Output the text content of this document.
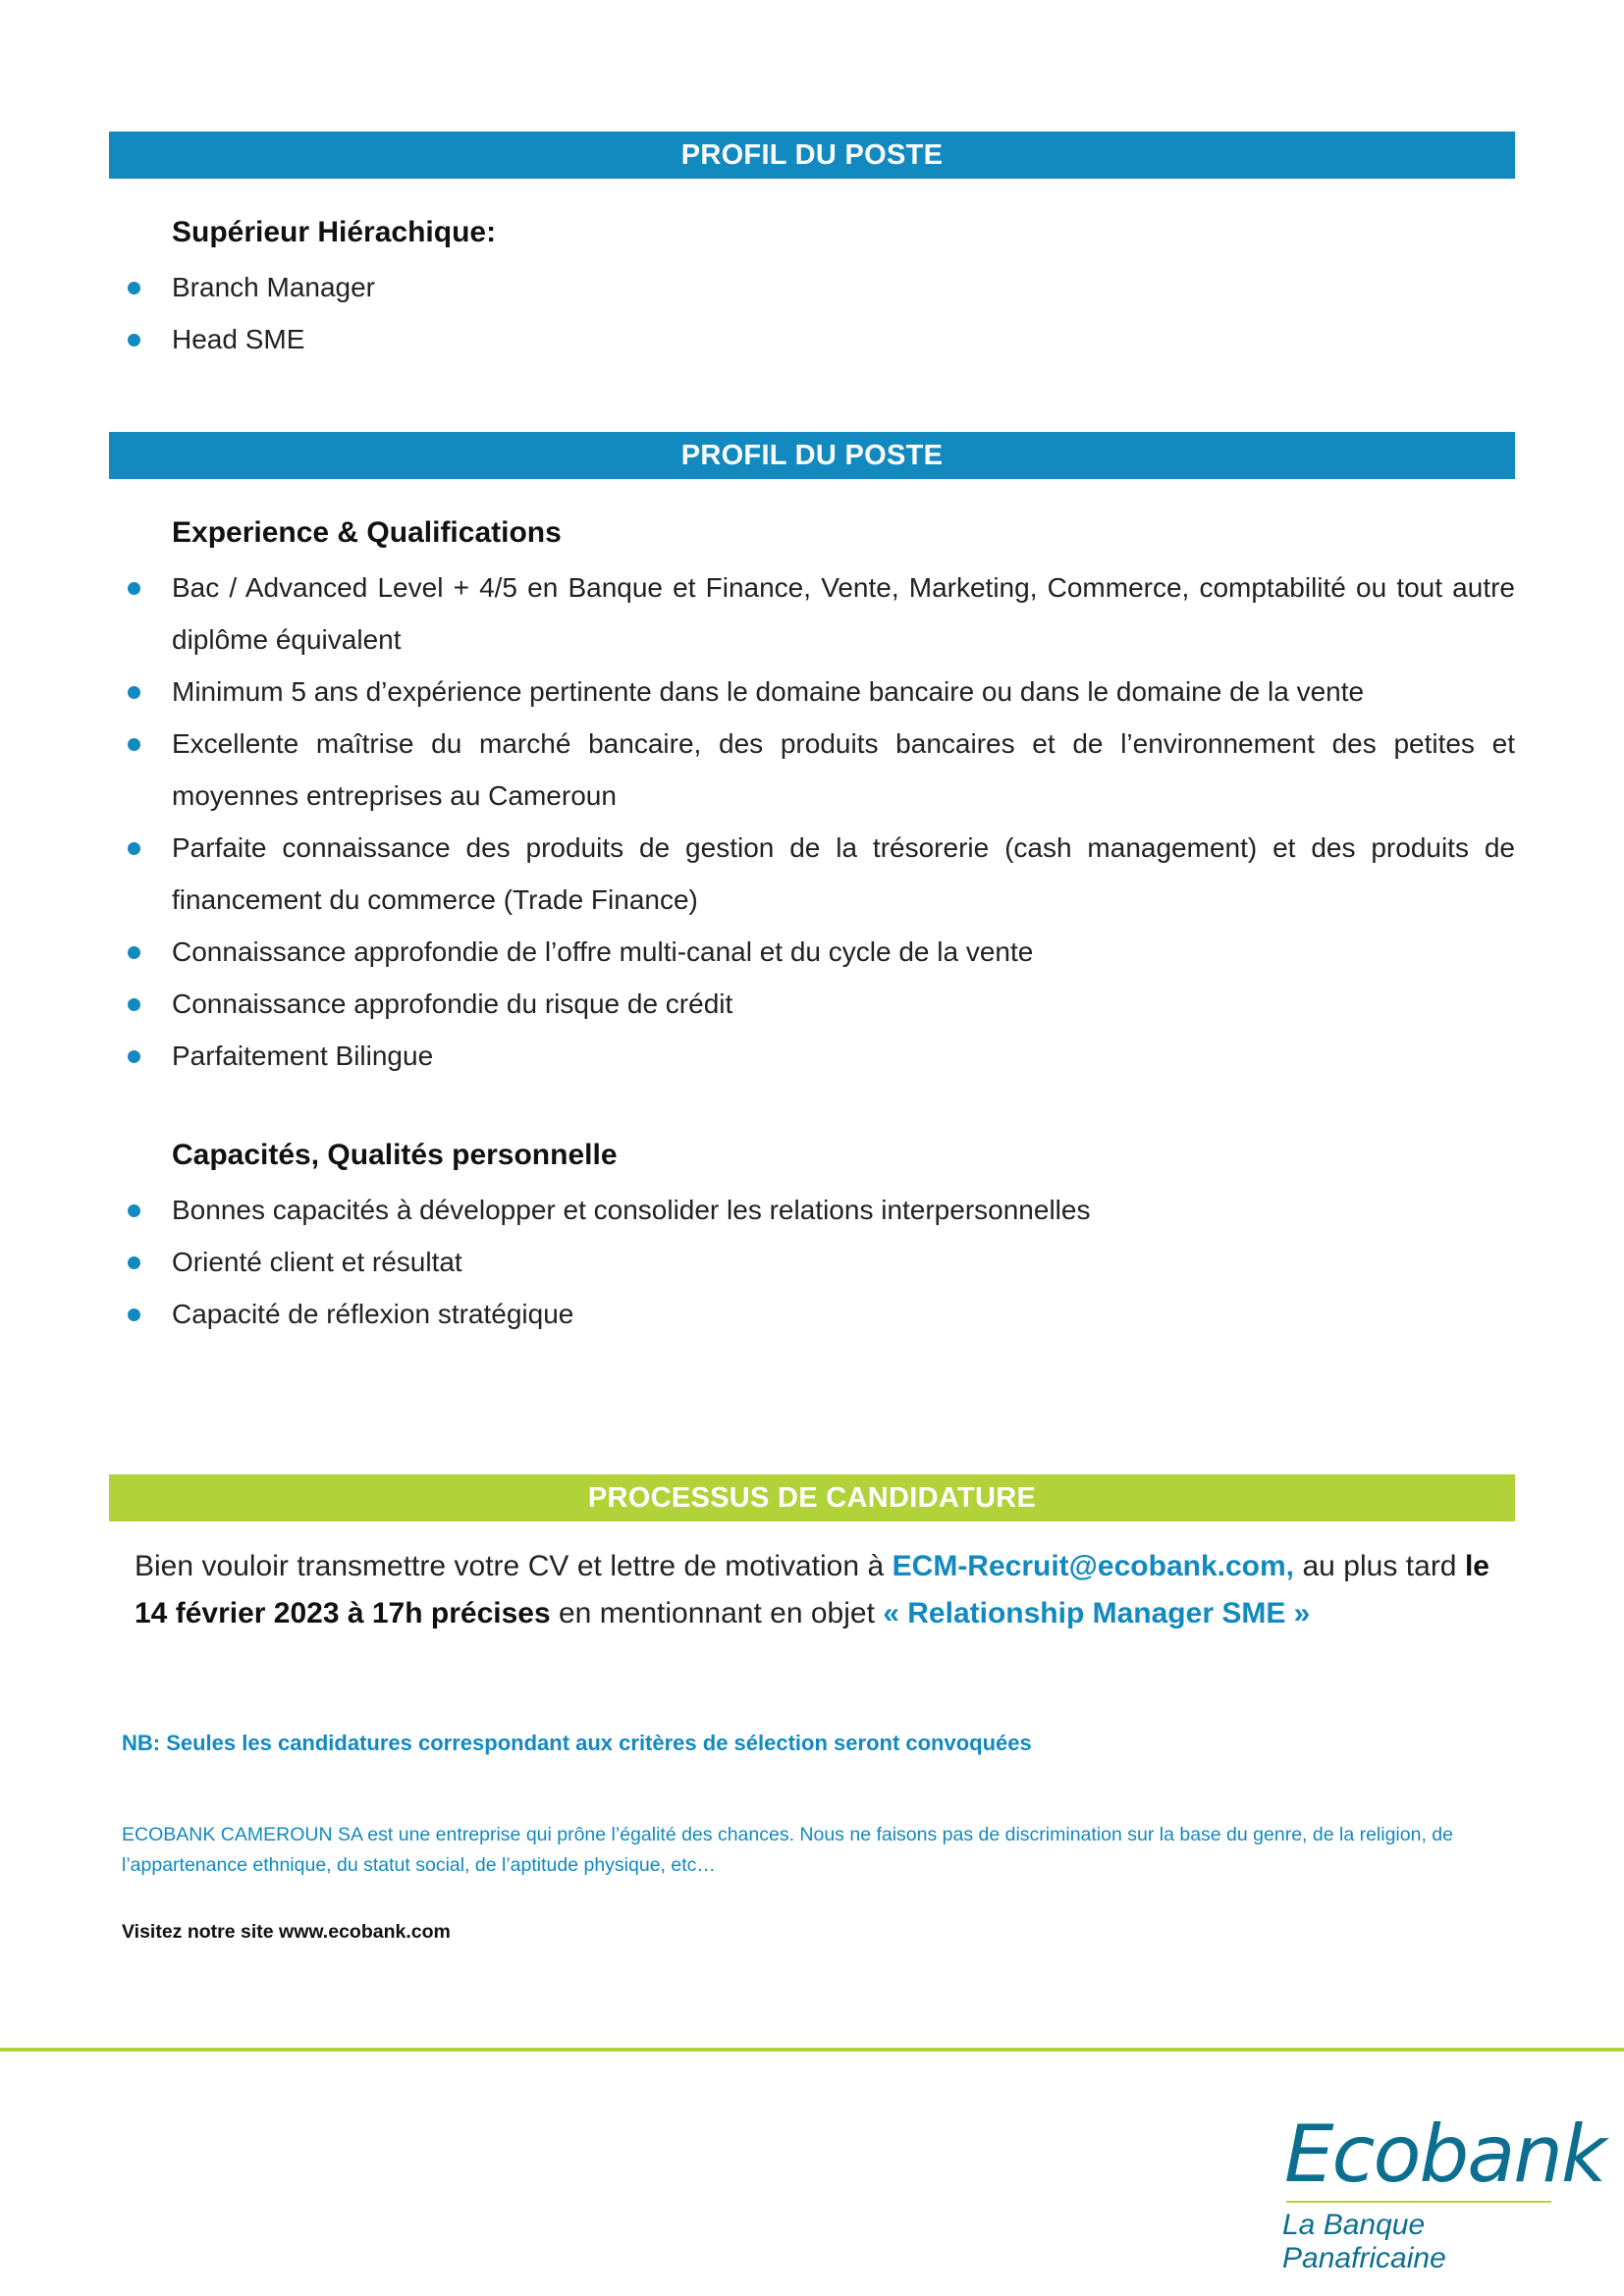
PROFIL DU POSTE
Supérieur Hiérachique:
Branch Manager
Head SME
PROFIL DU POSTE
Experience & Qualifications
Bac / Advanced Level + 4/5 en Banque et Finance, Vente, Marketing, Commerce, comptabilité ou tout autre diplôme équivalent
Minimum 5 ans d’expérience pertinente dans le domaine bancaire ou dans le domaine de la vente
Excellente maîtrise du marché bancaire, des produits bancaires et de l’environnement des petites et moyennes entreprises au Cameroun
Parfaite connaissance des produits de gestion de la trésorerie (cash management) et des produits de financement du commerce (Trade Finance)
Connaissance approfondie de l’offre multi-canal et du cycle de la vente
Connaissance approfondie du risque de crédit
Parfaitement Bilingue
Capacités, Qualités personnelle
Bonnes capacités à développer et consolider les relations interpersonnelles
Orienté client et résultat
Capacité de réflexion stratégique
PROCESSUS DE CANDIDATURE
Bien vouloir transmettre votre CV et lettre de motivation à ECM-Recruit@ecobank.com, au plus tard le 14 février 2023 à 17h précises en mentionnant en objet « Relationship Manager SME »
NB: Seules les candidatures correspondant aux critères de sélection seront convoquées
ECOBANK CAMEROUN SA est une entreprise qui prône l’égalité des chances. Nous ne faisons pas de discrimination sur la base du genre, de la religion, de l’appartenance ethnique, du statut social, de l’aptitude physique, etc…
Visitez notre site www.ecobank.com
Ecobank
La Banque Panafricaine
